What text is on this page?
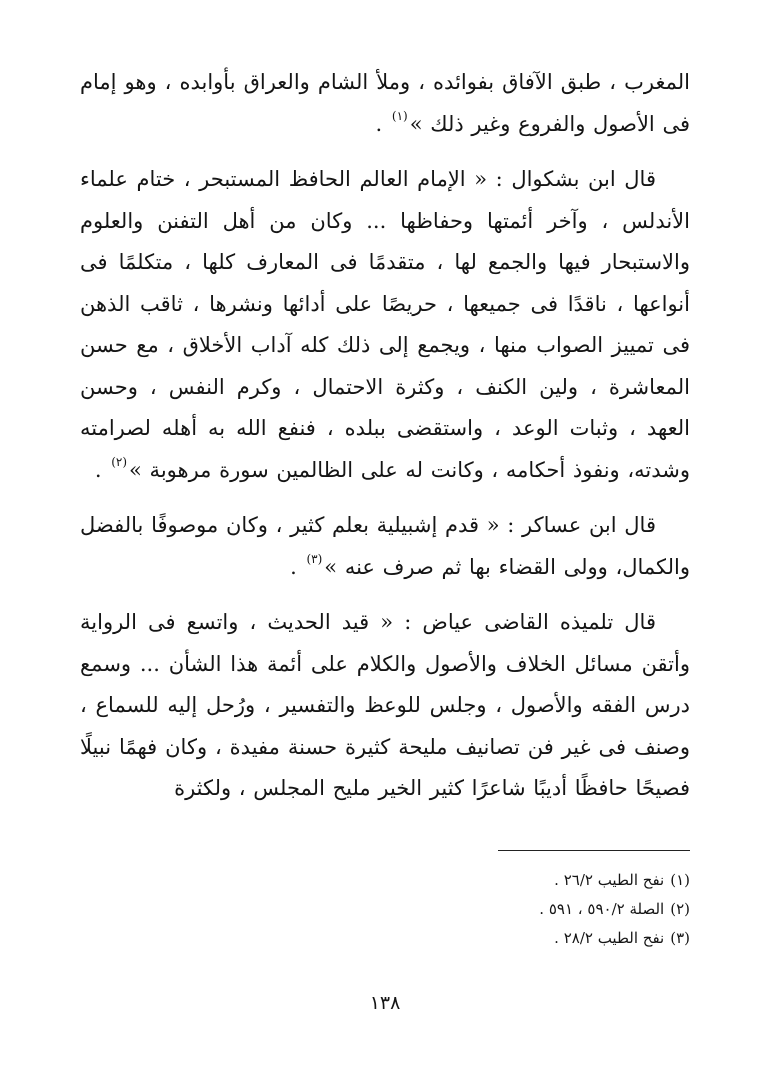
المغرب ، طبق الآفاق بفوائده ، وملأ الشام والعراق بأوابده ، وهو إمام فى الأصول والفروع وغير ذلك »$^{(١)}$ .

قال ابن بشكوال : « الإمام العالم الحافظ المستبحر ، ختام علماء الأندلس ، وآخر أئمتها وحفاظها ... وكان من أهل التفنن والعلوم والاستبحار فيها والجمع لها ، متقدمًا فى المعارف كلها ، متكلمًا فى أنواعها ، ناقدًا فى جميعها ، حريصًا على أدائها ونشرها ، ثاقب الذهن فى تمييز الصواب منها ، ويجمع إلى ذلك كله آداب الأخلاق ، مع حسن المعاشرة ، ولين الكنف ، وكثرة الاحتمال ، وكرم النفس ، وحسن العهد ، وثبات الوعد ، واستقضى ببلده ، فنفع الله به أهله لصرامته وشدته، ونفوذ أحكامه ، وكانت له على الظالمين سورة مرهوبة »$^{(٢)}$ .

قال ابن عساكر : « قدم إشبيلية بعلم كثير ، وكان موصوفًا بالفضل والكمال، وولى القضاء بها ثم صرف عنه »$^{(٣)}$ .

قال تلميذه القاضى عياض : « قيد الحديث ، واتسع فى الرواية وأتقن مسائل الخلاف والأصول والكلام على أئمة هذا الشأن ... وسمع درس الفقه والأصول ، وجلس للوعظ والتفسير ، ورُحل إليه للسماع ، وصنف فى غير فن تصانيف مليحة كثيرة حسنة مفيدة ، وكان فهمًا نبيلًا فصيحًا حافظًا أديبًا شاعرًا كثير الخير مليح المجلس ، ولكثرة

(١)نفح الطيب ٢٦/٢ .
(٢)الصلة ٥٩٠/٢ ، ٥٩١ .
(٣)نفح الطيب ٢٨/٢ .
١٣٨
